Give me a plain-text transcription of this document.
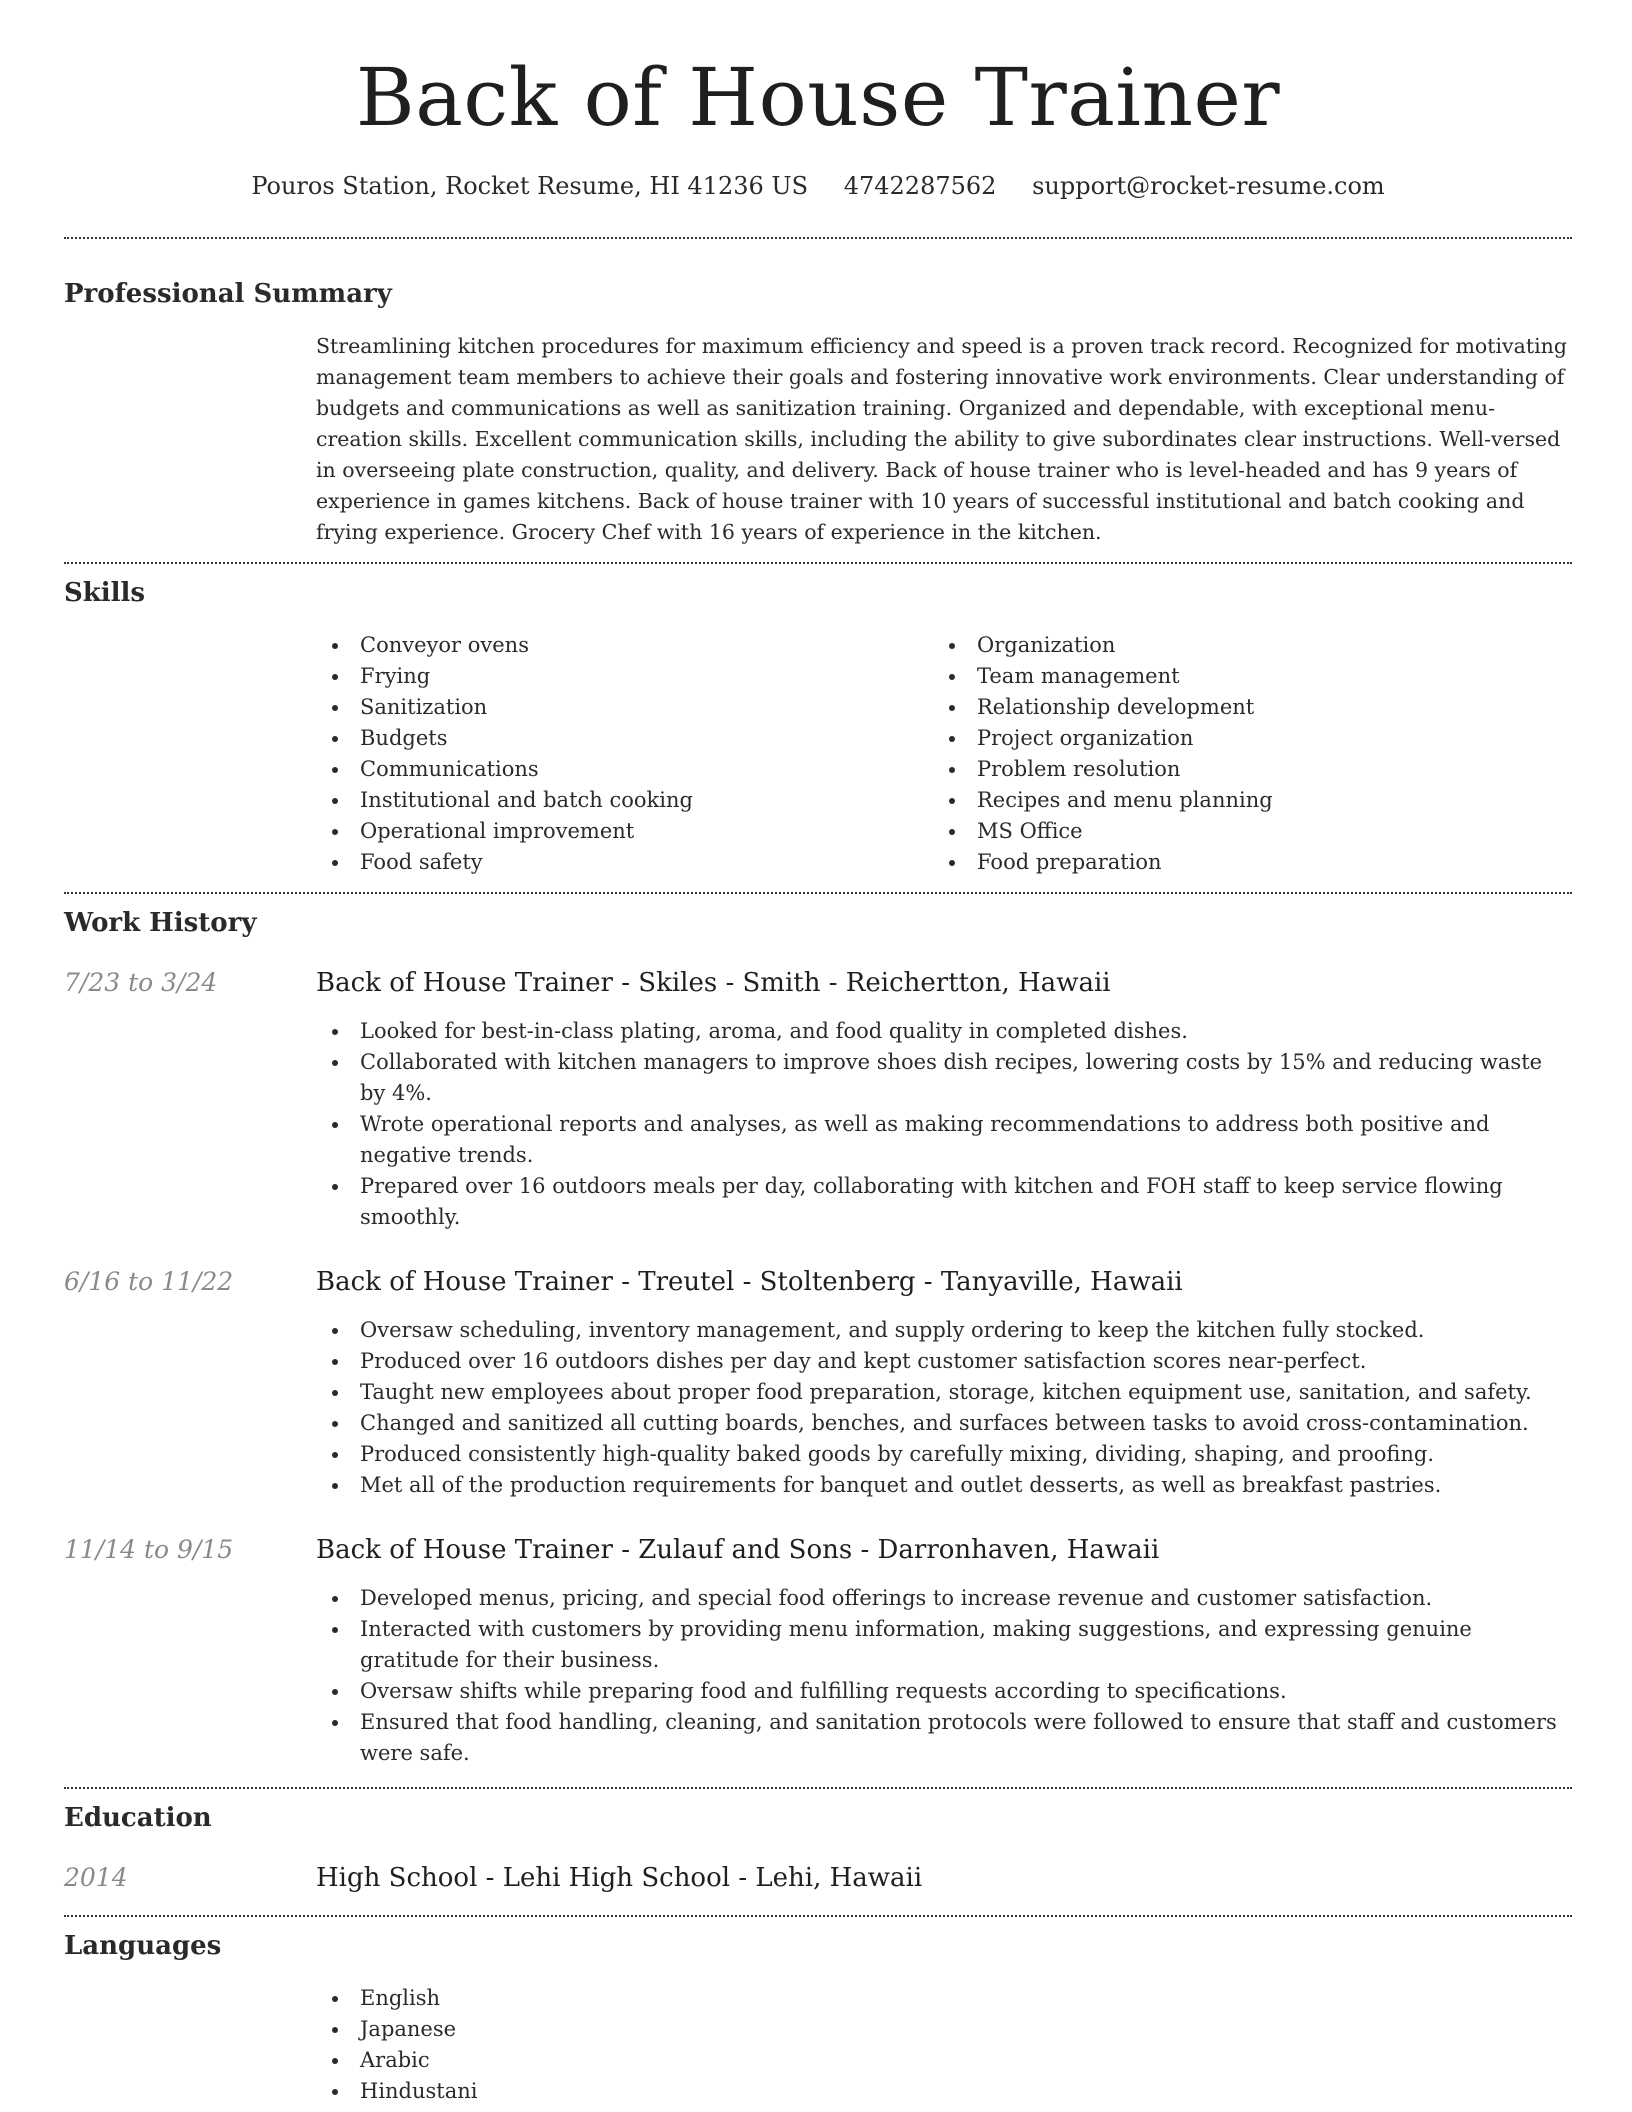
Back of House Trainer
Pouros Station, Rocket Resume, HI 41236 US 4742287562 support@rocket-resume.com
Professional Summary

Streamlining kitchen procedures for maximum efficiency and speed is a proven track record. Recognized for motivating management team members to achieve their goals and fostering innovative work environments. Clear understanding of budgets and communications as well as sanitization training. Organized and dependable, with exceptional menu-creation skills. Excellent communication skills, including the ability to give subordinates clear instructions. Well-versed in overseeing plate construction, quality, and delivery. Back of house trainer who is level-headed and has 9 years of experience in games kitchens. Back of house trainer with 10 years of successful institutional and batch cooking and frying experience. Grocery Chef with 16 years of experience in the kitchen.

Skills
Conveyor ovens
Frying
Sanitization
Budgets
Communications
Institutional and batch cooking
Operational improvement
Food safety
Organization
Team management
Relationship development
Project organization
Problem resolution
Recipes and menu planning
MS Office
Food preparation
Work History
7/23 to 3/24	Back of House Trainer - Skiles - Smith - Reichertton, Hawaii
Looked for best-in-class plating, aroma, and food quality in completed dishes.
Collaborated with kitchen managers to improve shoes dish recipes, lowering costs by 15% and reducing waste by 4%.
Wrote operational reports and analyses, as well as making recommendations to address both positive and negative trends.
Prepared over 16 outdoors meals per day, collaborating with kitchen and FOH staff to keep service flowing smoothly.
6/16 to 11/22	Back of House Trainer - Treutel - Stoltenberg - Tanyaville, Hawaii
Oversaw scheduling, inventory management, and supply ordering to keep the kitchen fully stocked.
Produced over 16 outdoors dishes per day and kept customer satisfaction scores near-perfect.
Taught new employees about proper food preparation, storage, kitchen equipment use, sanitation, and safety.
Changed and sanitized all cutting boards, benches, and surfaces between tasks to avoid cross-contamination.
Produced consistently high-quality baked goods by carefully mixing, dividing, shaping, and proofing.
Met all of the production requirements for banquet and outlet desserts, as well as breakfast pastries.
11/14 to 9/15	Back of House Trainer - Zulauf and Sons - Darronhaven, Hawaii
Developed menus, pricing, and special food offerings to increase revenue and customer satisfaction.
Interacted with customers by providing menu information, making suggestions, and expressing genuine gratitude for their business.
Oversaw shifts while preparing food and fulfilling requests according to specifications.
Ensured that food handling, cleaning, and sanitation protocols were followed to ensure that staff and customers were safe.
Education
2014	High School - Lehi High School - Lehi, Hawaii
Languages
English
Japanese
Arabic
Hindustani
